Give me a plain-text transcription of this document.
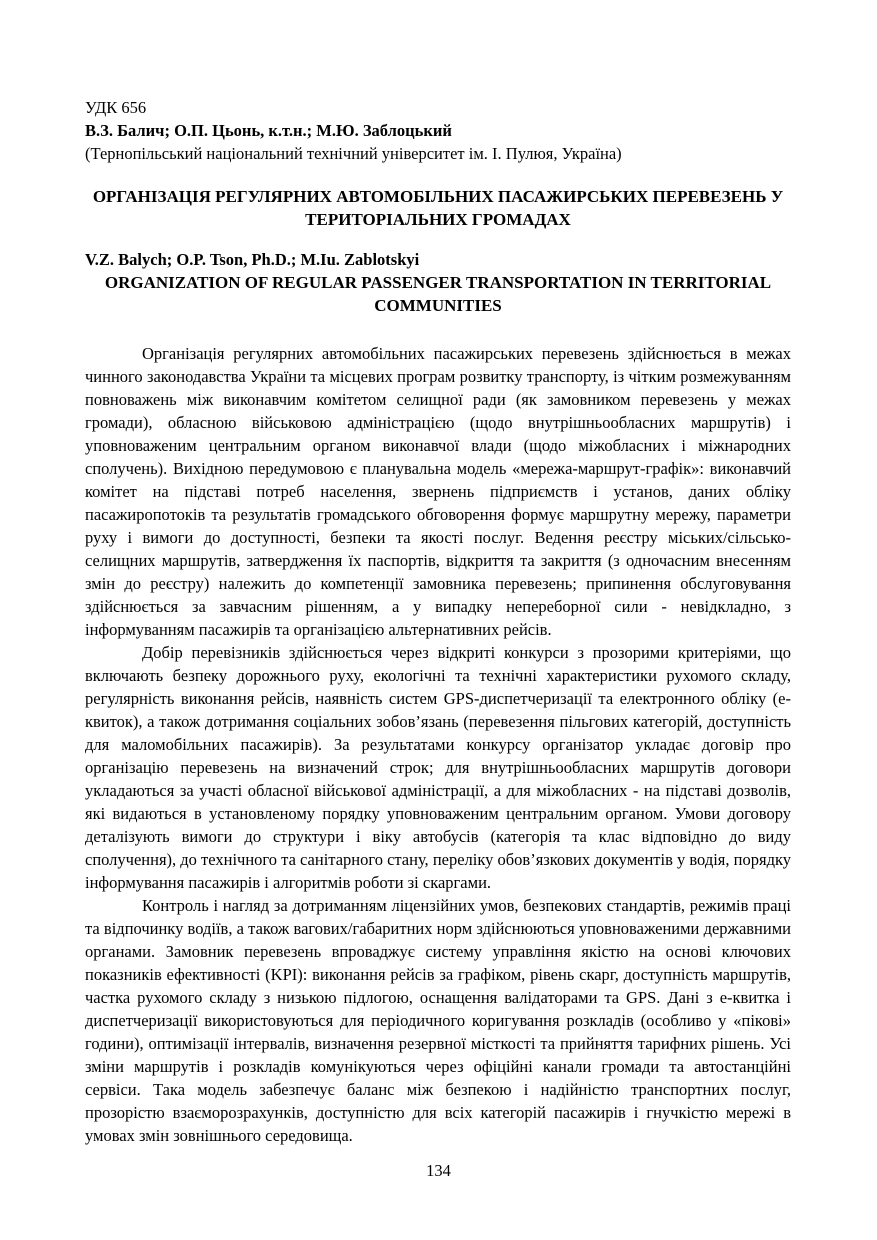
УДК 656

В.З. Балич; О.П. Цьонь, к.т.н.; М.Ю. Заблоцький

(Тернопільський національний технічний університет ім. І. Пулюя, Україна)

ОРГАНІЗАЦІЯ РЕГУЛЯРНИХ АВТОМОБІЛЬНИХ ПАСАЖИРСЬКИХ ПЕРЕВЕЗЕНЬ У ТЕРИТОРІАЛЬНИХ ГРОМАДАХ

V.Z. Balych; O.P. Tson, Ph.D.; M.Iu. Zablotskyi

ORGANIZATION OF REGULAR PASSENGER TRANSPORTATION IN TERRITORIAL COMMUNITIES

Організація регулярних автомобільних пасажирських перевезень здійснюється в межах чинного законодавства України та місцевих програм розвитку транспорту, із чітким розмежуванням повноважень між виконавчим комітетом селищної ради (як замовником перевезень у межах громади), обласною військовою адміністрацією (щодо внутрішньообласних маршрутів) і уповноваженим центральним органом виконавчої влади (щодо міжобласних і міжнародних сполучень). Вихідною передумовою є планувальна модель «мережа-маршрут-графік»: виконавчий комітет на підставі потреб населення, звернень підприємств і установ, даних обліку пасажиропотоків та результатів громадського обговорення формує маршрутну мережу, параметри руху і вимоги до доступності, безпеки та якості послуг. Ведення реєстру міських/сільсько-селищних маршрутів, затвердження їх паспортів, відкриття та закриття (з одночасним внесенням змін до реєстру) належить до компетенції замовника перевезень; припинення обслуговування здійснюється за завчасним рішенням, а у випадку непереборної сили - невідкладно, з інформуванням пасажирів та організацією альтернативних рейсів.

Добір перевізників здійснюється через відкриті конкурси з прозорими критеріями, що включають безпеку дорожнього руху, екологічні та технічні характеристики рухомого складу, регулярність виконання рейсів, наявність систем GPS-диспетчеризації та електронного обліку (е-квиток), а також дотримання соціальних зобов’язань (перевезення пільгових категорій, доступність для маломобільних пасажирів). За результатами конкурсу організатор укладає договір про організацію перевезень на визначений строк; для внутрішньообласних маршрутів договори укладаються за участі обласної військової адміністрації, а для міжобласних - на підставі дозволів, які видаються в установленому порядку уповноваженим центральним органом. Умови договору деталізують вимоги до структури і віку автобусів (категорія та клас відповідно до виду сполучення), до технічного та санітарного стану, переліку обов’язкових документів у водія, порядку інформування пасажирів і алгоритмів роботи зі скаргами.

Контроль і нагляд за дотриманням ліцензійних умов, безпекових стандартів, режимів праці та відпочинку водіїв, а також вагових/габаритних норм здійснюються уповноваженими державними органами. Замовник перевезень впроваджує систему управління якістю на основі ключових показників ефективності (KPI): виконання рейсів за графіком, рівень скарг, доступність маршрутів, частка рухомого складу з низькою підлогою, оснащення валідаторами та GPS. Дані з е-квитка і диспетчеризації використовуються для періодичного коригування розкладів (особливо у «пікові» години), оптимізації інтервалів, визначення резервної місткості та прийняття тарифних рішень. Усі зміни маршрутів і розкладів комунікуються через офіційні канали громади та автостанційні сервіси. Така модель забезпечує баланс між безпекою і надійністю транспортних послуг, прозорістю взаєморозрахунків, доступністю для всіх категорій пасажирів і гнучкістю мережі в умовах змін зовнішнього середовища.

134
